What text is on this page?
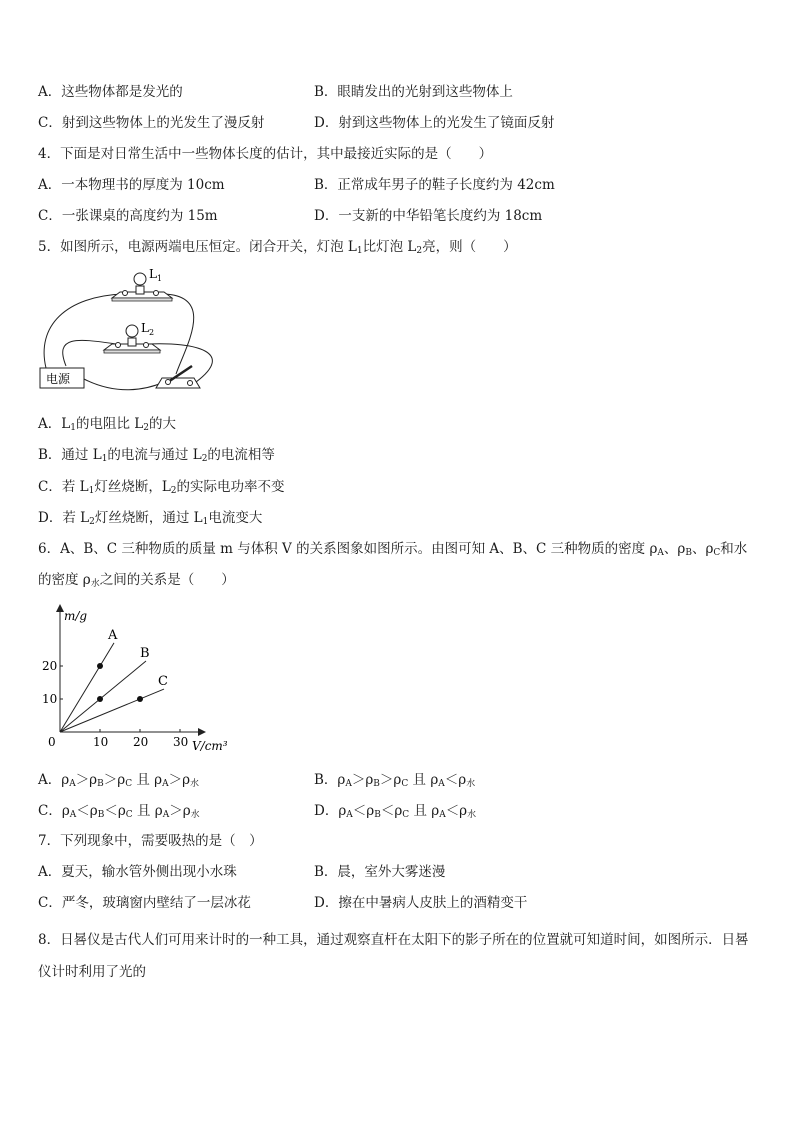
A．这些物体都是发光的	B．眼睛发出的光射到这些物体上
C．射到这些物体上的光发生了漫反射	D．射到这些物体上的光发生了镜面反射
4．下面是对日常生活中一些物体长度的估计，其中最接近实际的是（　　）
A．一本物理书的厚度为 10cm	B．正常成年男子的鞋子长度约为 42cm
C．一张课桌的高度约为 15m	D．一支新的中华铅笔长度约为 18cm
5．如图所示，电源两端电压恒定。闭合开关，灯泡 $L_1$比灯泡 $L_2$亮，则（　　）
$L_1$
$L_2$
电源
A．$L_1$的电阻比 $L_2$的大
B．通过 $L_1$的电流与通过 $L_2$的电流相等
C．若 $L_1$灯丝烧断，$L_2$的实际电功率不变
D．若 $L_2$灯丝烧断，通过 $L_1$电流变大
6．A、B、C 三种物质的质量 m 与体积 V 的关系图象如图所示。由图可知 A、B、C 三种物质的密度 $\rho_A$、$\rho_B$、$\rho_C$和水
的密度 $\rho_水$之间的关系是（　　）
m/g
V/cm³
0	10 20 30
10
20
A
B
C
A．$\rho_A>\rho_B>\rho_C$ 且 $\rho_A>\rho_水$	B．$\rho_A>\rho_B>\rho_C$ 且 $\rho_A<\rho_水$
C．$\rho_A<\rho_B<\rho_C$ 且 $\rho_A>\rho_水$	D．$\rho_A<\rho_B<\rho_C$ 且 $\rho_A<\rho_水$
7．下列现象中，需要吸热的是（　）
A．夏天，输水管外侧出现小水珠	B．晨，室外大雾迷漫
C．严冬，玻璃窗内壁结了一层冰花	D．擦在中暑病人皮肤上的酒精变干
8．日晷仪是古代人们可用来计时的一种工具，通过观察直杆在太阳下的影子所在的位置就可知道时间，如图所示．日晷仪计时利用了光的
